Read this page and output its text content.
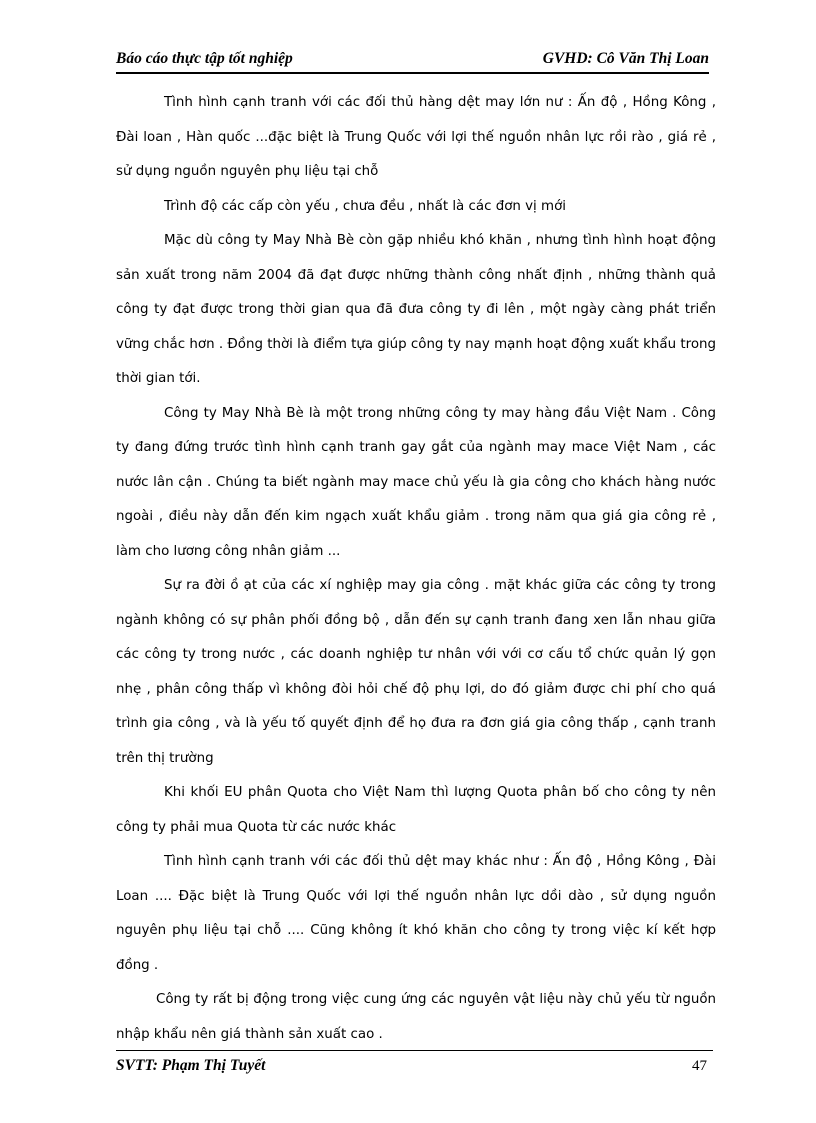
Báo cáo thực tập tốt nghiệp	GVHD: Cô Văn Thị Loan

Tình hình cạnh tranh với các đối thủ hàng dệt may lớn nư : Ấn độ , Hồng Kông , Đài loan , Hàn quốc ...đặc biệt là Trung Quốc với lợi thế nguồn nhân lực rồi rào , giá rẻ , sử dụng nguồn nguyên phụ liệu tại chỗ

Trình độ các cấp còn yếu , chưa đều , nhất là các đơn vị mới

Mặc dù công ty May Nhà Bè còn gặp nhiều khó khăn , nhưng tình hình hoạt động sản xuất trong năm 2004 đã đạt được những thành công nhất định , những thành quả công ty đạt được trong thời gian qua đã đưa công ty đi lên , một ngày càng phát triển vững chắc hơn . Đồng thời là điểm tựa giúp công ty nay mạnh hoạt động xuất khẩu trong thời gian tới.

Công ty May Nhà Bè là một trong những công ty may hàng đầu Việt Nam . Công ty đang đứng trước tình hình cạnh tranh gay gắt của ngành may mace Việt Nam , các nước lân cận . Chúng ta biết ngành may mace chủ yếu là gia công cho khách hàng nước ngoài , điều này dẫn đến kim ngạch xuất khẩu giảm . trong năm qua giá gia công rẻ , làm cho lương công nhân giảm ...

Sự ra đời ồ ạt của các xí nghiệp may gia công . mặt khác giữa các công ty trong ngành không có sự phân phối đồng bộ , dẫn đến sự cạnh tranh đang xen lẫn nhau giữa các công ty trong nước , các doanh nghiệp tư nhân với với cơ cấu tổ chức quản lý gọn nhẹ , phân công thấp vì không đòi hỏi chế độ phụ lợi, do đó giảm được chi phí cho quá trình gia công , và là yếu tố quyết định để họ đưa ra đơn giá gia công thấp , cạnh tranh trên thị trường

Khi khối EU phân Quota cho Việt Nam thì lượng Quota phân bố cho công ty nên công ty phải mua Quota từ các nước khác

Tình hình cạnh tranh với các đối thủ dệt may khác như : Ấn độ , Hồng Kông , Đài Loan .... Đặc biệt là Trung Quốc với lợi thế nguồn nhân lực dồi dào , sử dụng nguồn nguyên phụ liệu tại chỗ .... Cũng không ít khó khăn cho công ty trong việc kí kết hợp đồng .

Công ty rất bị động trong việc cung ứng các nguyên vật liệu này chủ yếu từ nguồn nhập khẩu nên giá thành sản xuất cao .

SVTT: Phạm Thị Tuyết	47
